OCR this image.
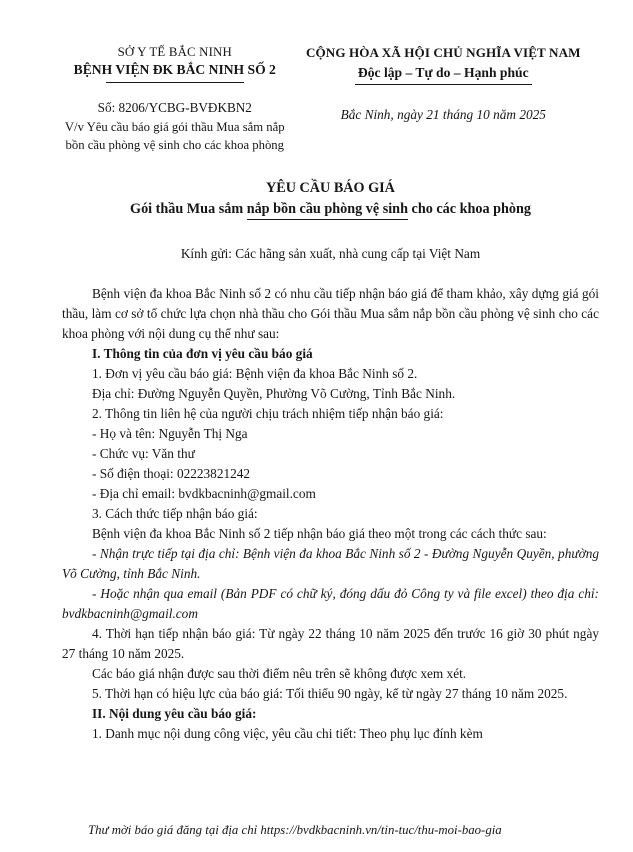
SỞ Y TẾ BẮC NINH
BỆNH VIỆN ĐK BẮC NINH SỐ 2
Số: 8206/YCBG-BVĐKBN2
V/v Yêu cầu báo giá gói thầu Mua sắm nắp bồn cầu phòng vệ sinh cho các khoa phòng
CỘNG HÒA XÃ HỘI CHỦ NGHĨA VIỆT NAM
Độc lập – Tự do – Hạnh phúc
Bắc Ninh, ngày 21 tháng 10 năm 2025
YÊU CẦU BÁO GIÁ
Gói thầu Mua sắm nắp bồn cầu phòng vệ sinh cho các khoa phòng

Kính gửi: Các hãng sản xuất, nhà cung cấp tại Việt Nam

Bệnh viện đa khoa Bắc Ninh số 2 có nhu cầu tiếp nhận báo giá để tham khảo, xây dựng giá gói thầu, làm cơ sở tổ chức lựa chọn nhà thầu cho Gói thầu Mua sắm nắp bồn cầu phòng vệ sinh cho các khoa phòng với nội dung cụ thể như sau:

I. Thông tin của đơn vị yêu cầu báo giá

1. Đơn vị yêu cầu báo giá: Bệnh viện đa khoa Bắc Ninh số 2.

Địa chỉ: Đường Nguyễn Quyền, Phường Võ Cường, Tỉnh Bắc Ninh.

2. Thông tin liên hệ của người chịu trách nhiệm tiếp nhận báo giá:

- Họ và tên: Nguyễn Thị Nga

- Chức vụ: Văn thư

- Số điện thoại: 02223821242

- Địa chỉ email: bvdkbacninh@gmail.com

3. Cách thức tiếp nhận báo giá:

Bệnh viện đa khoa Bắc Ninh số 2 tiếp nhận báo giá theo một trong các cách thức sau:

- Nhận trực tiếp tại địa chỉ: Bệnh viện đa khoa Bắc Ninh số 2 - Đường Nguyễn Quyền, phường Võ Cường, tỉnh Bắc Ninh.

- Hoặc nhận qua email (Bản PDF có chữ ký, đóng dấu đỏ Công ty và file excel) theo địa chỉ: bvdkbacninh@gmail.com

4. Thời hạn tiếp nhận báo giá: Từ ngày 22 tháng 10 năm 2025 đến trước 16 giờ 30 phút ngày 27 tháng 10 năm 2025.

Các báo giá nhận được sau thời điểm nêu trên sẽ không được xem xét.

5. Thời hạn có hiệu lực của báo giá: Tối thiểu 90 ngày, kể từ ngày 27 tháng 10 năm 2025.

II. Nội dung yêu cầu báo giá:

1. Danh mục nội dung công việc, yêu cầu chi tiết: Theo phụ lục đính kèm

Thư mời báo giá đăng tại địa chỉ https://bvdkbacninh.vn/tin-tuc/thu-moi-bao-gia
